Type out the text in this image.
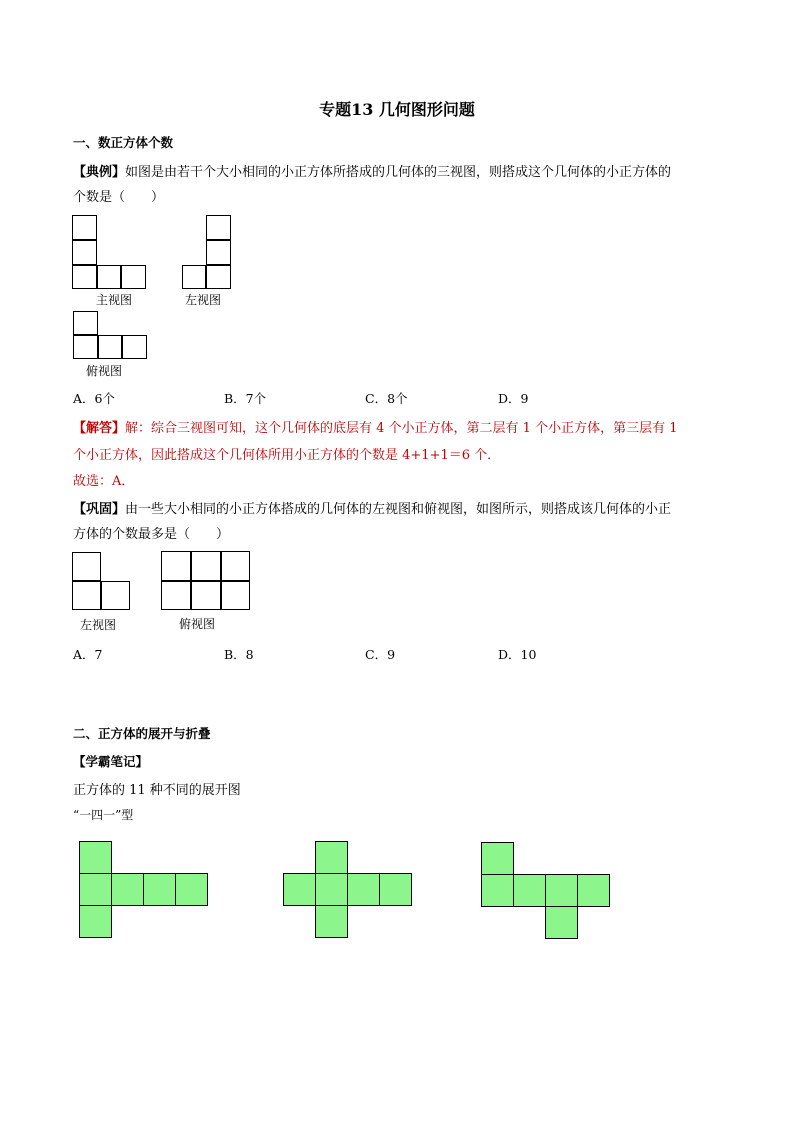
专题13 几何图形问题
一、数正方体个数
【典例】如图是由若干个大小相同的小正方体所搭成的几何体的三视图，则搭成这个几何体的小正方体的
个数是（　　）
主视图	左视图
俯视图
A．6个	B．7个	C．8个	D．9
【解答】解：综合三视图可知，这个几何体的底层有 4 个小正方体，第二层有 1 个小正方体，第三层有 1
个小正方体，因此搭成这个几何体所用小正方体的个数是 4+1+1＝6 个．
故选：A．
【巩固】由一些大小相同的小正方体搭成的几何体的左视图和俯视图，如图所示，则搭成该几何体的小正
方体的个数最多是（　　）
左视图	俯视图
A．7	B．8	C．9	D．10
二、正方体的展开与折叠
【学霸笔记】
正方体的 11 种不同的展开图
“一四一”型
